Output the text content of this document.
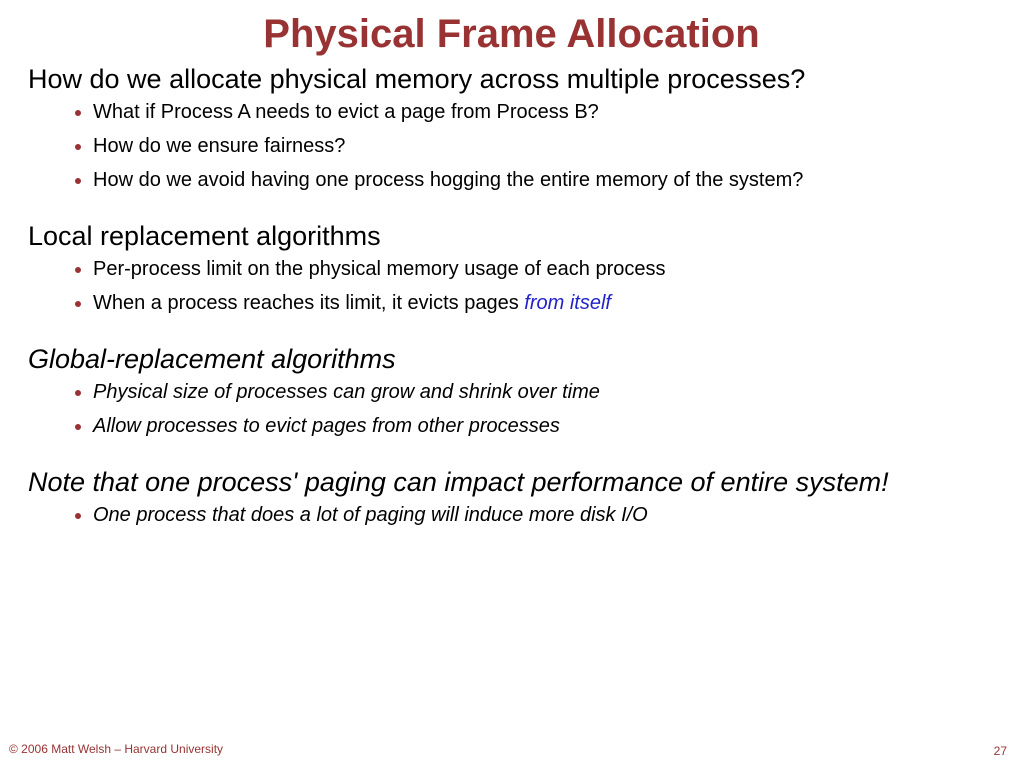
Physical Frame Allocation
How do we allocate physical memory across multiple processes?
What if Process A needs to evict a page from Process B?
How do we ensure fairness?
How do we avoid having one process hogging the entire memory of the system?
Local replacement algorithms
Per-process limit on the physical memory usage of each process
When a process reaches its limit, it evicts pages from itself
Global-replacement algorithms
Physical size of processes can grow and shrink over time
Allow processes to evict pages from other processes
Note that one process' paging can impact performance of entire system!
One process that does a lot of paging will induce more disk I/O
© 2006 Matt Welsh – Harvard University	27
